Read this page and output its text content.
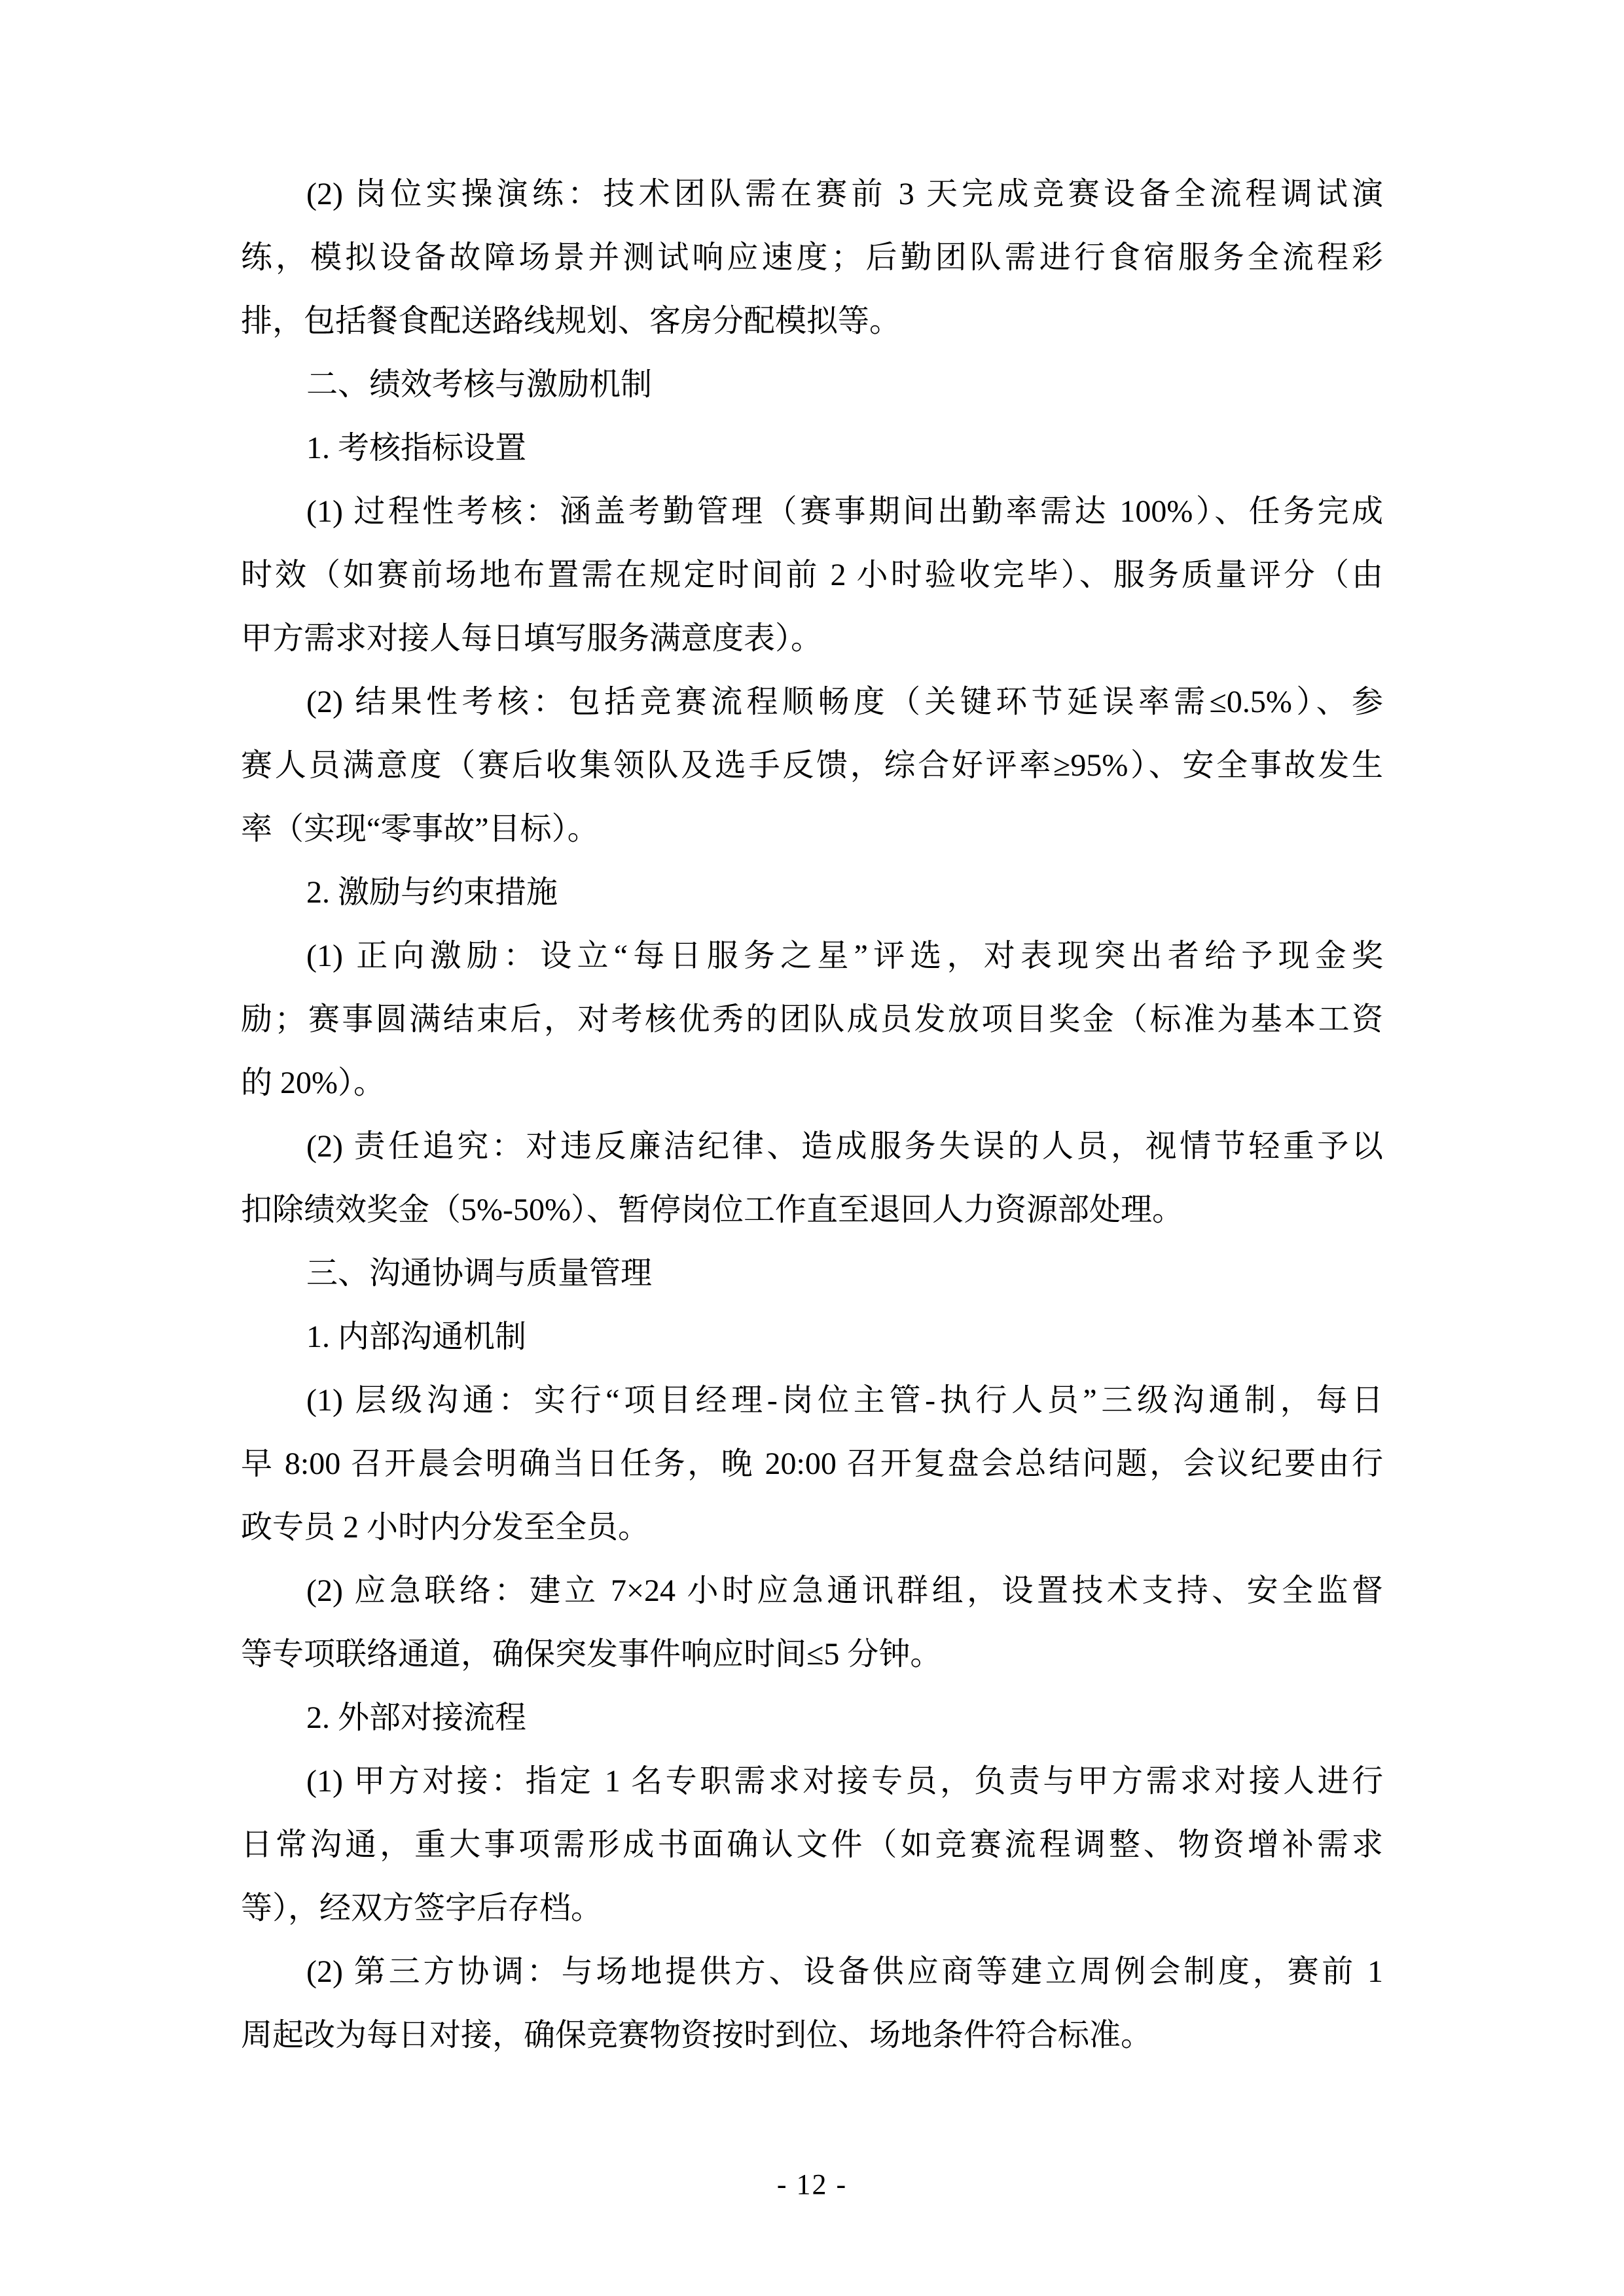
(2) 岗位实操演练：技术团队需在赛前 3 天完成竞赛设备全流程调试演
练，模拟设备故障场景并测试响应速度；后勤团队需进行食宿服务全流程彩
排，包括餐食配送路线规划、客房分配模拟等。
二、绩效考核与激励机制
1. 考核指标设置
(1) 过程性考核：涵盖考勤管理（赛事期间出勤率需达 100%）、任务完成
时效（如赛前场地布置需在规定时间前 2 小时验收完毕）、服务质量评分（由
甲方需求对接人每日填写服务满意度表）。
(2) 结果性考核：包括竞赛流程顺畅度（关键环节延误率需≤0.5%）、参
赛人员满意度（赛后收集领队及选手反馈，综合好评率≥95%）、安全事故发生
率（实现“零事故”目标）。
2. 激励与约束措施
(1) 正向激励：设立“每日服务之星”评选，对表现突出者给予现金奖
励；赛事圆满结束后，对考核优秀的团队成员发放项目奖金（标准为基本工资
的 20%）。
(2) 责任追究：对违反廉洁纪律、造成服务失误的人员，视情节轻重予以
扣除绩效奖金（5%-50%）、暂停岗位工作直至退回人力资源部处理。
三、沟通协调与质量管理
1. 内部沟通机制
(1) 层级沟通：实行“项目经理-岗位主管-执行人员”三级沟通制，每日
早 8:00 召开晨会明确当日任务，晚 20:00 召开复盘会总结问题，会议纪要由行
政专员 2 小时内分发至全员。
(2) 应急联络：建立 7×24 小时应急通讯群组，设置技术支持、安全监督
等专项联络通道，确保突发事件响应时间≤5 分钟。
2. 外部对接流程
(1) 甲方对接：指定 1 名专职需求对接专员，负责与甲方需求对接人进行
日常沟通，重大事项需形成书面确认文件（如竞赛流程调整、物资增补需求
等），经双方签字后存档。
(2) 第三方协调：与场地提供方、设备供应商等建立周例会制度，赛前 1
周起改为每日对接，确保竞赛物资按时到位、场地条件符合标准。
- 12 -
